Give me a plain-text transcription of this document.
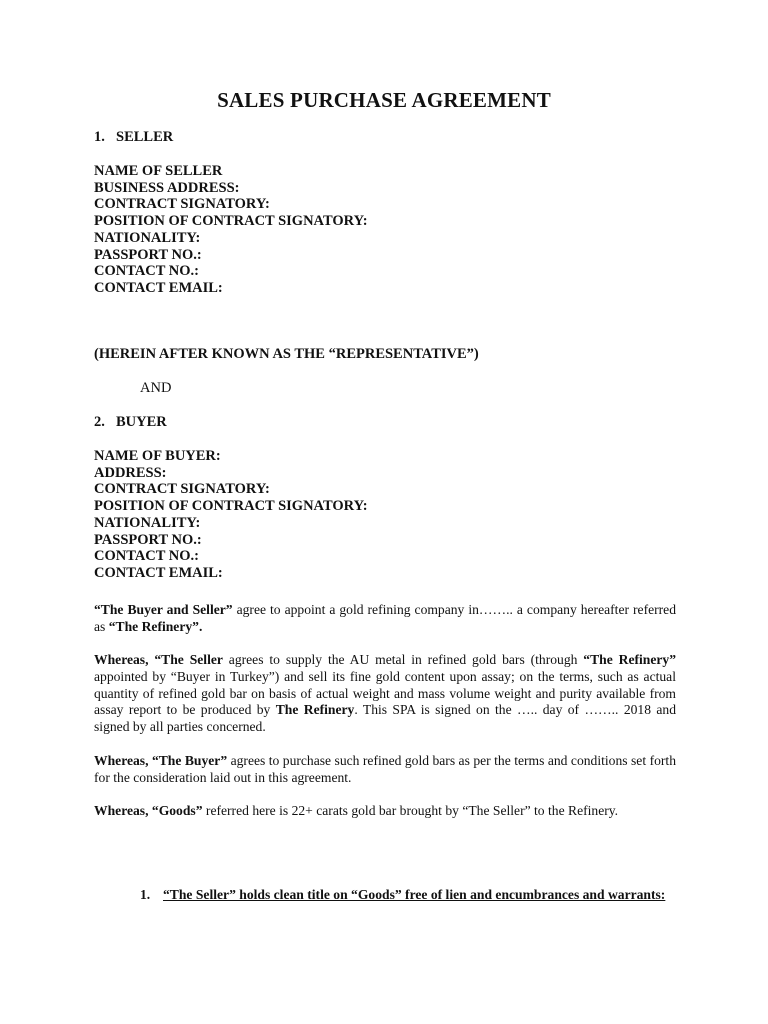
SALES PURCHASE AGREEMENT
1. SELLER
NAME OF SELLER
BUSINESS ADDRESS:
CONTRACT SIGNATORY:
POSITION OF CONTRACT SIGNATORY:
NATIONALITY:
PASSPORT NO.:
CONTACT NO.:
CONTACT EMAIL:
(HEREIN AFTER KNOWN AS THE “REPRESENTATIVE”)
AND
2. BUYER
NAME OF BUYER:
ADDRESS:
CONTRACT SIGNATORY:
POSITION OF CONTRACT SIGNATORY:
NATIONALITY:
PASSPORT NO.:
CONTACT NO.:
CONTACT EMAIL:

“The Buyer and Seller” agree to appoint a gold refining company in…….. a company hereafter referred as “The Refinery”.

Whereas, “The Seller agrees to supply the AU metal in refined gold bars (through “The Refinery” appointed by “Buyer in Turkey”) and sell its fine gold content upon assay; on the terms, such as actual quantity of refined gold bar on basis of actual weight and mass volume weight and purity available from assay report to be produced by The Refinery. This SPA is signed on the ….. day of …….. 2018 and signed by all parties concerned.

Whereas, “The Buyer” agrees to purchase such refined gold bars as per the terms and conditions set forth for the consideration laid out in this agreement.

Whereas, “Goods” referred here is 22+ carats gold bar brought by “The Seller” to the Refinery.

1. “The Seller” holds clean title on “Goods” free of lien and encumbrances and warrants:
